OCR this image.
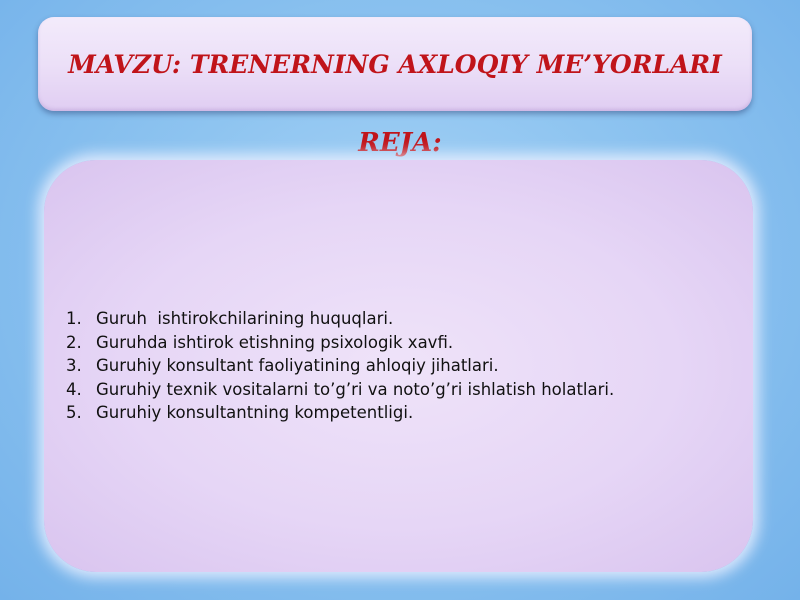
MAVZU: TRENERNING AXLOQIY ME’YORLARI
REJA:
1. Guruh  ishtirokchilarining huquqlari.
2. Guruhda ishtirok etishning psixologik xavfi.
3. Guruhiy konsultant faoliyatining ahloqiy jihatlari.
4. Guruhiy texnik vositalarni to’g’ri va noto’g’ri ishlatish holatlari.
5. Guruhiy konsultantning kompetentligi.
